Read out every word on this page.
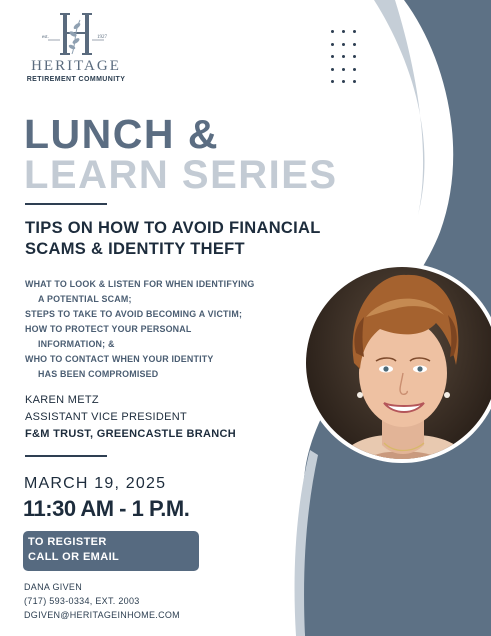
est.	1927
HERITAGE
RETIREMENT COMMUNITY
LUNCH &
LEARN SERIES
TIPS ON HOW TO AVOID FINANCIAL SCAMS & IDENTITY THEFT
WHAT TO LOOK & LISTEN FOR WHEN IDENTIFYING
A POTENTIAL SCAM;
STEPS TO TAKE TO AVOID BECOMING A VICTIM;
HOW TO PROTECT YOUR PERSONAL
INFORMATION; &
WHO TO CONTACT WHEN YOUR IDENTITY
HAS BEEN COMPROMISED
KAREN METZ
ASSISTANT VICE PRESIDENT
F&M TRUST, GREENCASTLE BRANCH
MARCH 19, 2025
11:30 AM - 1 P.M.
TO REGISTER
CALL OR EMAIL
DANA GIVEN
(717) 593-0334, EXT. 2003
DGIVEN@HERITAGEINHOME.COM
